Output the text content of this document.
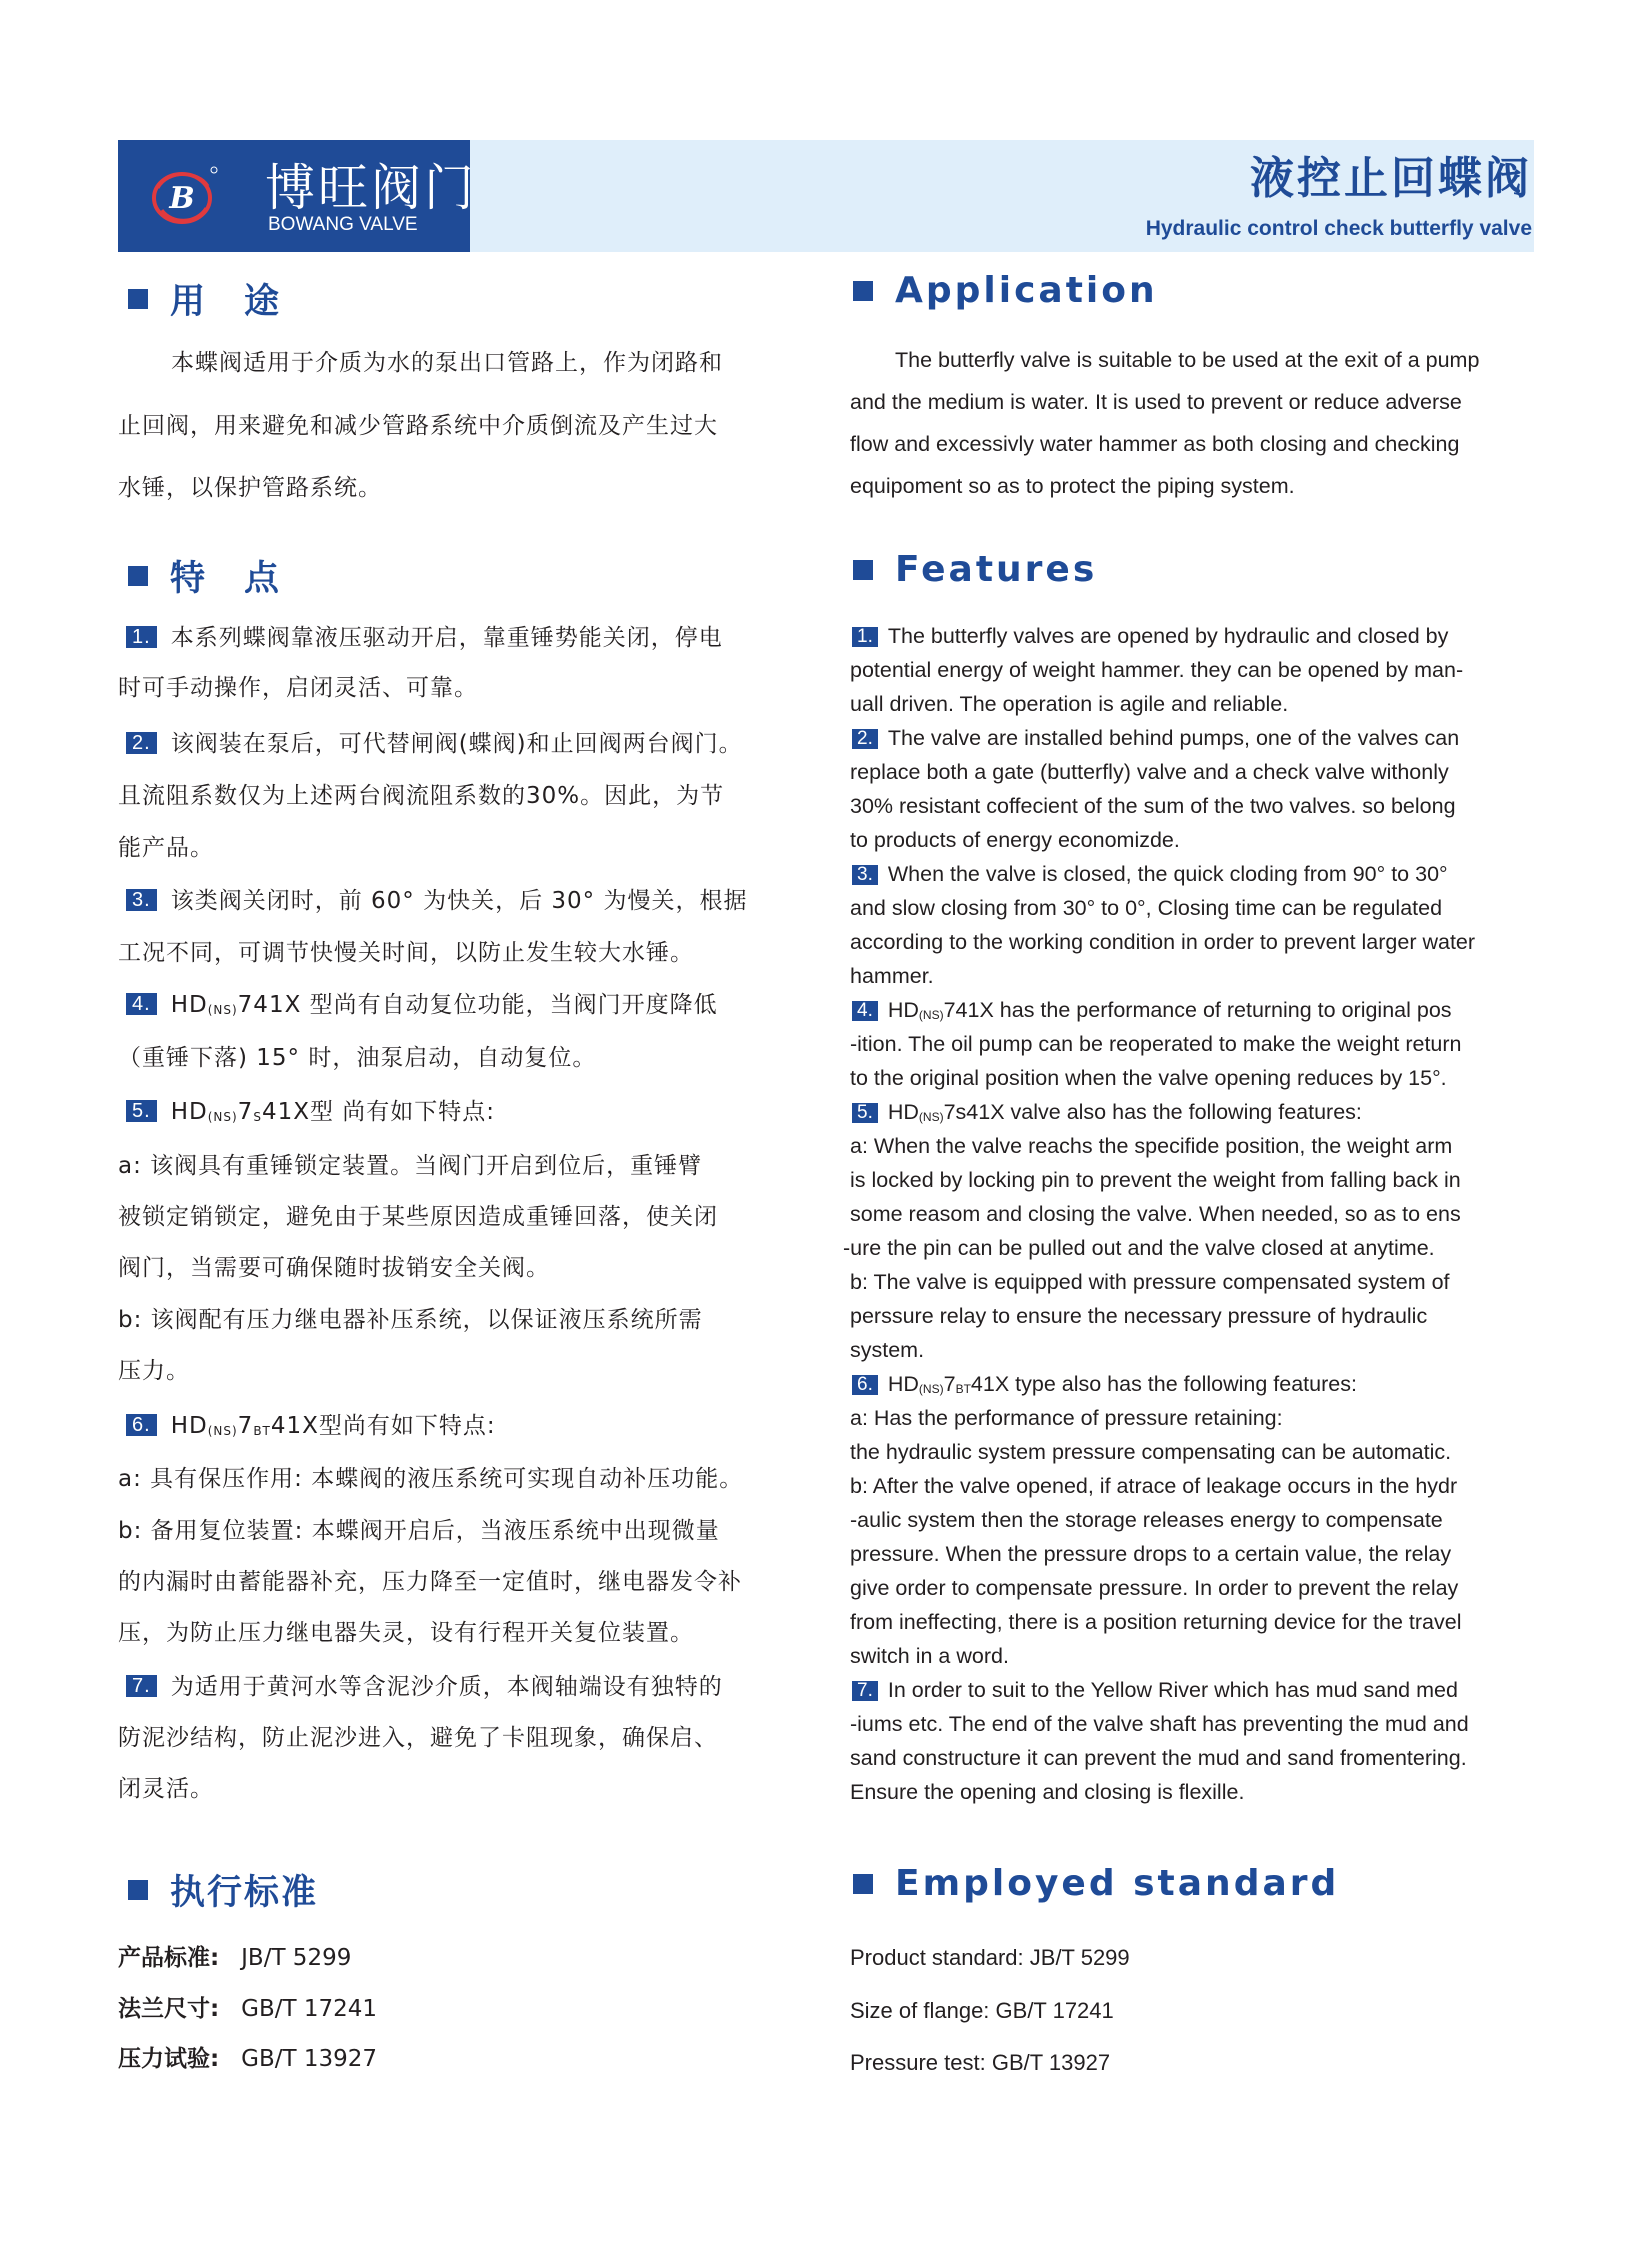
B 博旺阀门
BOWANG VALVE
液控止回蝶阀
Hydraulic control check butterfly valve
用　途
本蝶阀适用于介质为水的泵出口管路上，作为闭路和
止回阀，用来避免和减少管路系统中介质倒流及产生过大
水锤，以保护管路系统。
特　点
1. 本系列蝶阀靠液压驱动开启，靠重锤势能关闭，停电
时可手动操作，启闭灵活、可靠。
2. 该阀装在泵后，可代替闸阀(蝶阀)和止回阀两台阀门。
且流阻系数仅为上述两台阀流阻系数的30%。因此，为节
能产品。
3. 该类阀关闭时，前 60° 为快关，后 30° 为慢关，根据
工况不同，可调节快慢关时间，以防止发生较大水锤。
4. $HD_{(NS)}741X$ 型尚有自动复位功能，当阀门开度降低
（重锤下落) 15° 时，油泵启动，自动复位。
5. $HD_{(NS)}7_S41X$型 尚有如下特点:
a: 该阀具有重锤锁定装置。当阀门开启到位后，重锤臂
被锁定销锁定，避免由于某些原因造成重锤回落，使关闭
阀门，当需要可确保随时拔销安全关阀。
b: 该阀配有压力继电器补压系统，以保证液压系统所需
压力。
6. $HD_{(NS)}7_{BT}41X$型尚有如下特点:
a: 具有保压作用: 本蝶阀的液压系统可实现自动补压功能。
b: 备用复位装置: 本蝶阀开启后，当液压系统中出现微量
的内漏时由蓄能器补充，压力降至一定值时，继电器发令补
压，为防止压力继电器失灵，设有行程开关复位装置。
7. 为适用于黄河水等含泥沙介质，本阀轴端设有独特的
防泥沙结构，防止泥沙进入，避免了卡阻现象，确保启、
闭灵活。
执行标准
产品标准: JB/T 5299
法兰尺寸: GB/T 17241
压力试验: GB/T 13927
Application
The butterfly valve is suitable to be used at the exit of a pump
and the medium is water. It is used to prevent or reduce adverse
flow and excessivly water hammer as both closing and checking
equipoment so as to protect the piping system.
Features
1. The butterfly valves are opened by hydraulic and closed by
potential energy of weight hammer. they can be opened by man-
uall driven. The operation is agile and reliable.
2. The valve are installed behind pumps, one of the valves can
replace both a gate (butterfly) valve and a check valve withonly
30% resistant coffecient of the sum of the two valves. so belong
to products of energy economizde.
3. When the valve is closed, the quick cloding from 90° to 30°
and slow closing from 30° to 0°, Closing time can be regulated
according to the working condition in order to prevent larger water
hammer.
4. $HD_{(NS)}741X$ has the performance of returning to original pos
-ition. The oil pump can be reoperated to make the weight return
to the original position when the valve opening reduces by 15°.
5. $HD_{(NS)}7s41X$ valve also has the following features:
a: When the valve reachs the specifide position, the weight arm
is locked by locking pin to prevent the weight from falling back in
some reasom and closing the valve. When needed, so as to ens
-ure the pin can be pulled out and the valve closed at anytime.
b: The valve is equipped with pressure compensated system of
perssure relay to ensure the necessary pressure of hydraulic
system.
6. $HD_{(NS)}7_{BT}41X$ type also has the following features:
a: Has the performance of pressure retaining:
the hydraulic system pressure compensating can be automatic.
b: After the valve opened, if atrace of leakage occurs in the hydr
-aulic system then the storage releases energy to compensate
pressure. When the pressure drops to a certain value, the relay
give order to compensate pressure. In order to prevent the relay
from ineffecting, there is a position returning device for the travel
switch in a word.
7. In order to suit to the Yellow River which has mud sand med
-iums etc. The end of the valve shaft has preventing the mud and
sand constructure it can prevent the mud and sand fromentering.
Ensure the opening and closing is flexille.
Employed standard
Product standard: JB/T 5299
Size of flange: GB/T 17241
Pressure test: GB/T 13927
